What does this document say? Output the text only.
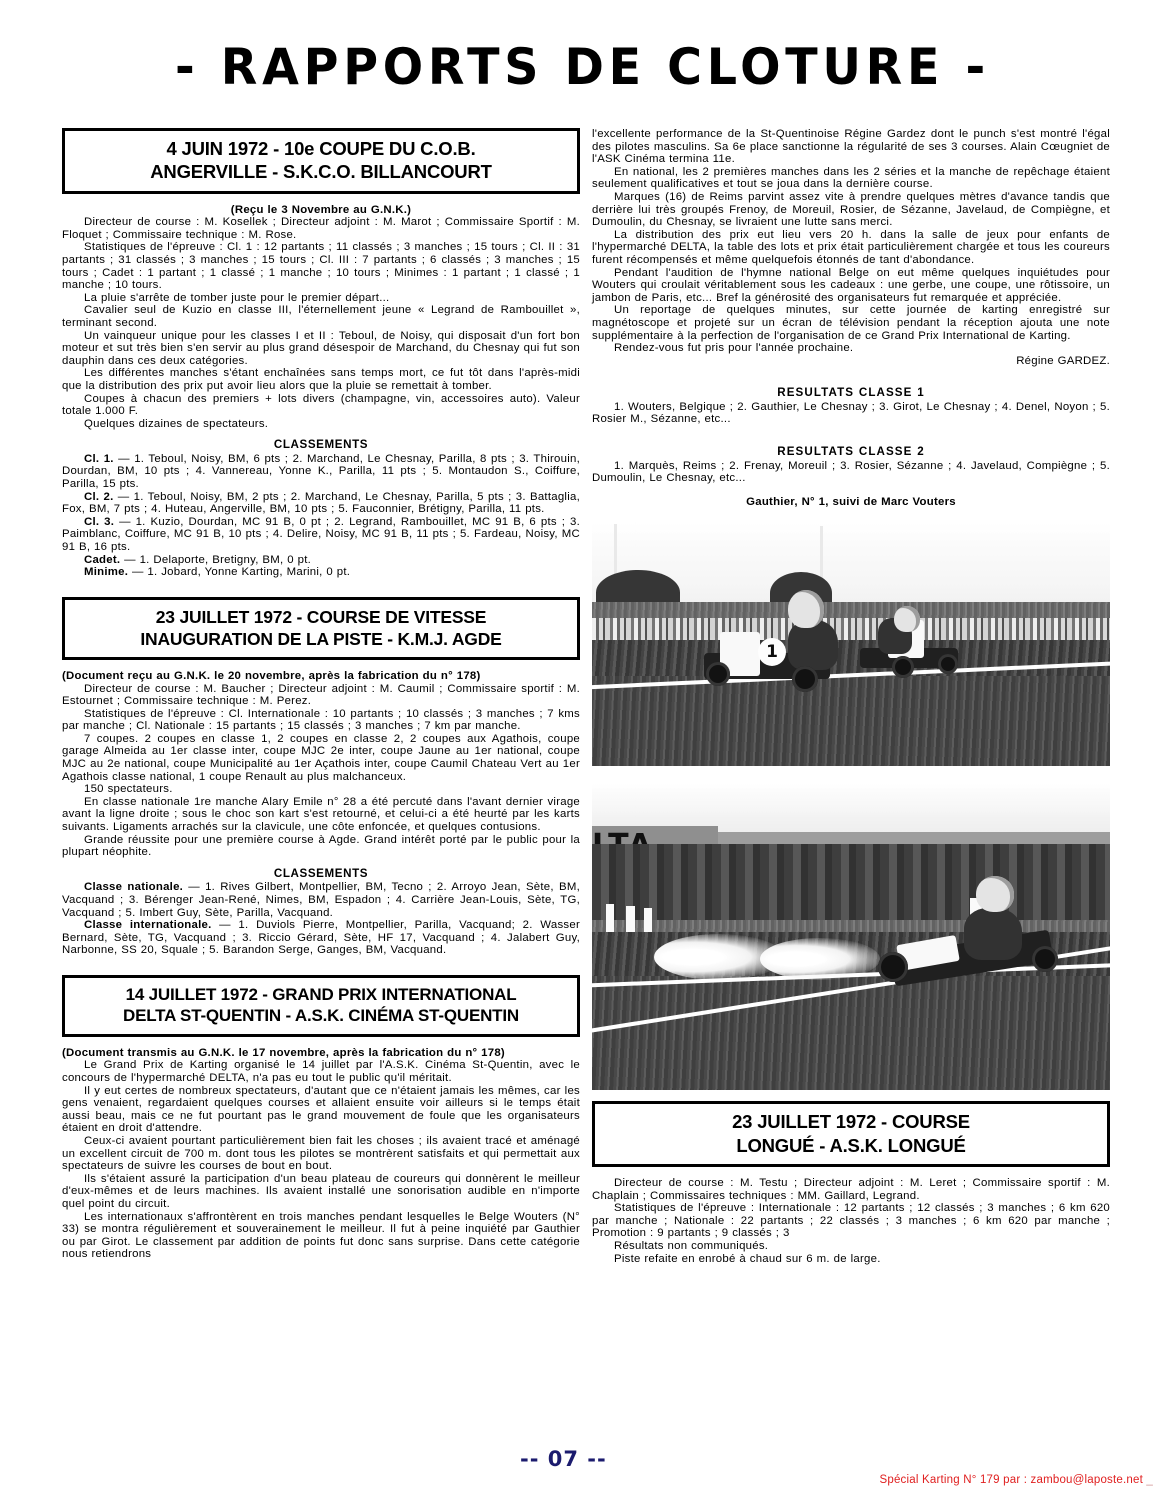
- RAPPORTS DE CLOTURE -
4 JUIN 1972 - 10e COUPE DU C.O.B.
ANGERVILLE - S.K.C.O. BILLANCOURT

(Reçu le 3 Novembre au G.N.K.)

Directeur de course : M. Kosellek ; Directeur adjoint : M. Marot ; Commissaire Sportif : M. Floquet ; Commissaire technique : M. Rose.

Statistiques de l'épreuve : Cl. 1 : 12 partants ; 11 classés ; 3 manches ; 15 tours ; Cl. II : 31 partants ; 31 classés ; 3 manches ; 15 tours ; Cl. III : 7 partants ; 6 classés ; 3 manches ; 15 tours ; Cadet : 1 partant ; 1 classé ; 1 manche ; 10 tours ; Minimes : 1 partant ; 1 classé ; 1 manche ; 10 tours.

La pluie s'arrête de tomber juste pour le premier départ...

Cavalier seul de Kuzio en classe III, l'éternellement jeune « Legrand de Rambouillet », terminant second.

Un vainqueur unique pour les classes I et II : Teboul, de Noisy, qui disposait d'un fort bon moteur et sut très bien s'en servir au plus grand désespoir de Marchand, du Chesnay qui fut son dauphin dans ces deux catégories.

Les différentes manches s'étant enchaînées sans temps mort, ce fut tôt dans l'après-midi que la distribution des prix put avoir lieu alors que la pluie se remettait à tomber.

Coupes à chacun des premiers + lots divers (champagne, vin, accessoires auto). Valeur totale 1.000 F.

Quelques dizaines de spectateurs.

CLASSEMENTS

Cl. 1. — 1. Teboul, Noisy, BM, 6 pts ; 2. Marchand, Le Chesnay, Parilla, 8 pts ; 3. Thirouin, Dourdan, BM, 10 pts ; 4. Vannereau, Yonne K., Parilla, 11 pts ; 5. Montaudon S., Coiffure, Parilla, 15 pts.

Cl. 2. — 1. Teboul, Noisy, BM, 2 pts ; 2. Marchand, Le Chesnay, Parilla, 5 pts ; 3. Battaglia, Fox, BM, 7 pts ; 4. Huteau, Angerville, BM, 10 pts ; 5. Fauconnier, Brétigny, Parilla, 11 pts.

Cl. 3. — 1. Kuzio, Dourdan, MC 91 B, 0 pt ; 2. Legrand, Rambouillet, MC 91 B, 6 pts ; 3. Paimblanc, Coiffure, MC 91 B, 10 pts ; 4. Delire, Noisy, MC 91 B, 11 pts ; 5. Fardeau, Noisy, MC 91 B, 16 pts.

Cadet. — 1. Delaporte, Bretigny, BM, 0 pt.

Minime. — 1. Jobard, Yonne Karting, Marini, 0 pt.

23 JUILLET 1972 - COURSE DE VITESSE
INAUGURATION DE LA PISTE - K.M.J. AGDE

(Document reçu au G.N.K. le 20 novembre, après la fabrication du n° 178)

Directeur de course : M. Baucher ; Directeur adjoint : M. Caumil ; Commissaire sportif : M. Estournet ; Commissaire technique : M. Perez.

Statistiques de l'épreuve : Cl. Internationale : 10 partants ; 10 classés ; 3 manches ; 7 kms par manche ; Cl. Nationale : 15 partants ; 15 classés ; 3 manches ; 7 km par manche.

7 coupes. 2 coupes en classe 1, 2 coupes en classe 2, 2 coupes aux Agathois, coupe garage Almeida au 1er classe inter, coupe MJC 2e inter, coupe Jaune au 1er national, coupe MJC au 2e national, coupe Municipalité au 1er Açathois inter, coupe Caumil Chateau Vert au 1er Agathois classe national, 1 coupe Renault au plus malchanceux.

150 spectateurs.

En classe nationale 1re manche Alary Emile n° 28 a été percuté dans l'avant dernier virage avant la ligne droite ; sous le choc son kart s'est retourné, et celui-ci a été heurté par les karts suivants. Ligaments arrachés sur la clavicule, une côte enfoncée, et quelques contusions.

Grande réussite pour une première course à Agde. Grand intérêt porté par le public pour la plupart néophite.

CLASSEMENTS

Classe nationale. — 1. Rives Gilbert, Montpellier, BM, Tecno ; 2. Arroyo Jean, Sète, BM, Vacquand ; 3. Bérenger Jean-René, Nimes, BM, Espadon ; 4. Carrière Jean-Louis, Sète, TG, Vacquand ; 5. Imbert Guy, Sète, Parilla, Vacquand.

Classe internationale. — 1. Duviols Pierre, Montpellier, Parilla, Vacquand; 2. Wasser Bernard, Sète, TG, Vacquand ; 3. Riccio Gérard, Sète, HF 17, Vacquand ; 4. Jalabert Guy, Narbonne, SS 20, Squale ; 5. Barandon Serge, Ganges, BM, Vacquand.

14 JUILLET 1972 - GRAND PRIX INTERNATIONAL
DELTA ST-QUENTIN - A.S.K. CINÉMA ST-QUENTIN

(Document transmis au G.N.K. le 17 novembre, après la fabrication du n° 178)

Le Grand Prix de Karting organisé le 14 juillet par l'A.S.K. Cinéma St-Quentin, avec le concours de l'hypermarché DELTA, n'a pas eu tout le public qu'il méritait.

Il y eut certes de nombreux spectateurs, d'autant que ce n'étaient jamais les mêmes, car les gens venaient, regardaient quelques courses et allaient ensuite voir ailleurs si le temps était aussi beau, mais ce ne fut pourtant pas le grand mouvement de foule que les organisateurs étaient en droit d'attendre.

Ceux-ci avaient pourtant particulièrement bien fait les choses ; ils avaient tracé et aménagé un excellent circuit de 700 m. dont tous les pilotes se montrèrent satisfaits et qui permettait aux spectateurs de suivre les courses de bout en bout.

Ils s'étaient assuré la participation d'un beau plateau de coureurs qui donnèrent le meilleur d'eux-mêmes et de leurs machines. Ils avaient installé une sonorisation audible en n'importe quel point du circuit.

Les internationaux s'affrontèrent en trois manches pendant lesquelles le Belge Wouters (N° 33) se montra régulièrement et souverainement le meilleur. Il fut à peine inquiété par Gauthier ou par Girot. Le classement par addition de points fut donc sans surprise. Dans cette catégorie nous retiendrons

l'excellente performance de la St-Quentinoise Régine Gardez dont le punch s'est montré l'égal des pilotes masculins. Sa 6e place sanctionne la régularité de ses 3 courses. Alain Cœugniet de l'ASK Cinéma termina 11e.

En national, les 2 premières manches dans les 2 séries et la manche de repêchage étaient seulement qualificatives et tout se joua dans la dernière course.

Marques (16) de Reims parvint assez vite à prendre quelques mètres d'avance tandis que derrière lui très groupés Frenoy, de Moreuil, Rosier, de Sézanne, Javelaud, de Compiègne, et Dumoulin, du Chesnay, se livraient une lutte sans merci.

La distribution des prix eut lieu vers 20 h. dans la salle de jeux pour enfants de l'hypermarché DELTA, la table des lots et prix était particulièrement chargée et tous les coureurs furent récompensés et même quelquefois étonnés de tant d'abondance.

Pendant l'audition de l'hymne national Belge on eut même quelques inquiétudes pour Wouters qui croulait véritablement sous les cadeaux : une gerbe, une coupe, une rôtissoire, un jambon de Paris, etc... Bref la générosité des organisateurs fut remarquée et appréciée.

Un reportage de quelques minutes, sur cette journée de karting enregistré sur magnétoscope et projeté sur un écran de télévision pendant la réception ajouta une note supplémentaire à la perfection de l'organisation de ce Grand Prix International de Karting.

Rendez-vous fut pris pour l'année prochaine.

Régine GARDEZ.

RESULTATS CLASSE 1

1. Wouters, Belgique ; 2. Gauthier, Le Chesnay ; 3. Girot, Le Chesnay ; 4. Denel, Noyon ; 5. Rosier M., Sézanne, etc...

RESULTATS CLASSE 2

1. Marquès, Reims ; 2. Frenay, Moreuil ; 3. Rosier, Sézanne ; 4. Javelaud, Compiègne ; 5. Dumoulin, Le Chesnay, etc...

Gauthier, N° 1, suivi de Marc Vouters

1
23 JUILLET 1972 - COURSE
LONGUÉ - A.S.K. LONGUÉ

Directeur de course : M. Testu ; Directeur adjoint : M. Leret ; Commissaire sportif : M. Chaplain ; Commissaires techniques : MM. Gaillard, Legrand.

Statistiques de l'épreuve : Internationale : 12 partants ; 12 classés ; 3 manches ; 6 km 620 par manche ; Nationale : 22 partants ; 22 classés ; 3 manches ; 6 km 620 par manche ; Promotion : 9 partants ; 9 classés ; 3

Résultats non communiqués.

Piste refaite en enrobé à chaud sur 6 m. de large.

-- 07 --
Spécial Karting N° 179 par : zambou@laposte.net _
